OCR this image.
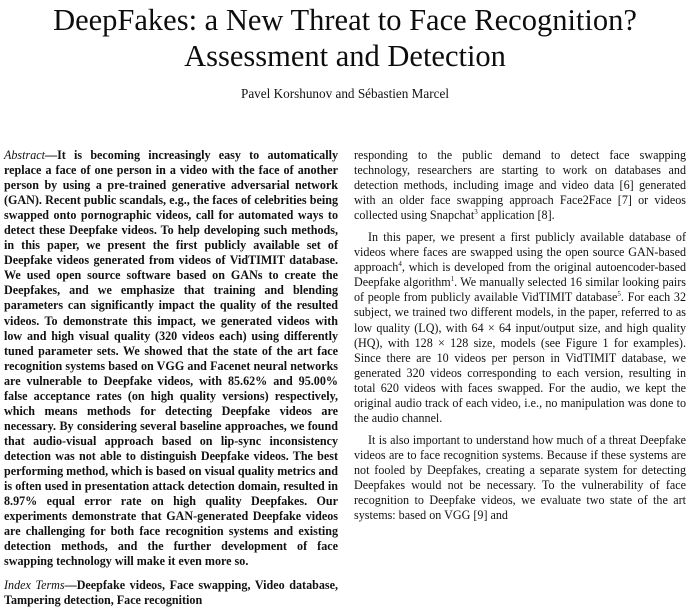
DeepFakes: a New Threat to Face Recognition?
Assessment and Detection
Pavel Korshunov and Sébastien Marcel

Abstract—It is becoming increasingly easy to automatically replace a face of one person in a video with the face of another person by using a pre-trained generative adversarial network (GAN). Recent public scandals, e.g., the faces of celebrities being swapped onto pornographic videos, call for automated ways to detect these Deepfake videos. To help developing such methods, in this paper, we present the first publicly available set of Deepfake videos generated from videos of VidTIMIT database. We used open source software based on GANs to create the Deepfakes, and we emphasize that training and blending parameters can significantly impact the quality of the resulted videos. To demonstrate this impact, we generated videos with low and high visual quality (320 videos each) using differently tuned parameter sets. We showed that the state of the art face recognition systems based on VGG and Facenet neural networks are vulnerable to Deepfake videos, with 85.62% and 95.00% false acceptance rates (on high quality versions) respectively, which means methods for detecting Deepfake videos are necessary. By considering several baseline approaches, we found that audio-visual approach based on lip-sync inconsistency detection was not able to distinguish Deepfake videos. The best performing method, which is based on visual quality metrics and is often used in presentation attack detection domain, resulted in 8.97% equal error rate on high quality Deepfakes. Our experiments demonstrate that GAN-generated Deepfake videos are challenging for both face recognition systems and existing detection methods, and the further development of face swapping technology will make it even more so.

Index Terms—Deepfake videos, Face swapping, Video database, Tampering detection, Face recognition

responding to the public demand to detect face swapping technology, researchers are starting to work on databases and detection methods, including image and video data [6] generated with an older face swapping approach Face2Face [7] or videos collected using Snapchat$^3$ application [8].

In this paper, we present a first publicly available database of videos where faces are swapped using the open source GAN-based approach$^4$, which is developed from the original autoencoder-based Deepfake algorithm$^1$. We manually selected 16 similar looking pairs of people from publicly available VidTIMIT database$^5$. For each 32 subject, we trained two different models, in the paper, referred to as low quality (LQ), with 64 × 64 input/output size, and high quality (HQ), with 128 × 128 size, models (see Figure 1 for examples). Since there are 10 videos per person in VidTIMIT database, we generated 320 videos corresponding to each version, resulting in total 620 videos with faces swapped. For the audio, we kept the original audio track of each video, i.e., no manipulation was done to the audio channel.

It is also important to understand how much of a threat Deepfake videos are to face recognition systems. Because if these systems are not fooled by Deepfakes, creating a separate system for detecting Deepfakes would not be necessary. To the vulnerability of face recognition to Deepfake videos, we evaluate two state of the art systems: based on VGG [9] and
